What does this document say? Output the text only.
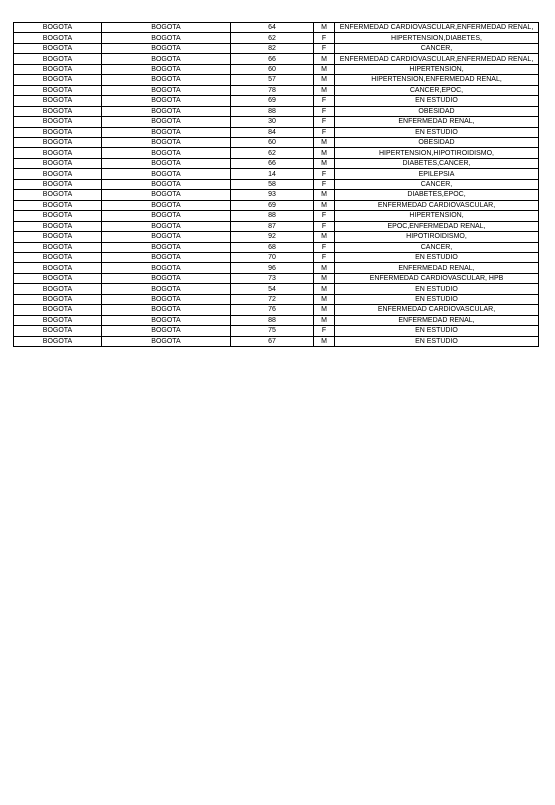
BOGOTA	BOGOTA	64	M	ENFERMEDAD CARDIOVASCULAR,ENFERMEDAD RENAL,
BOGOTA	BOGOTA	62	F	HIPERTENSION,DIABETES,
BOGOTA	BOGOTA	82	F	CANCER,
BOGOTA	BOGOTA	66	M	ENFERMEDAD CARDIOVASCULAR,ENFERMEDAD RENAL,
BOGOTA	BOGOTA	60	M	HIPERTENSION,
BOGOTA	BOGOTA	57	M	HIPERTENSION,ENFERMEDAD RENAL,
BOGOTA	BOGOTA	78	M	CANCER,EPOC,
BOGOTA	BOGOTA	69	F	EN ESTUDIO
BOGOTA	BOGOTA	88	F	OBESIDAD
BOGOTA	BOGOTA	30	F	ENFERMEDAD RENAL,
BOGOTA	BOGOTA	84	F	EN ESTUDIO
BOGOTA	BOGOTA	60	M	OBESIDAD
BOGOTA	BOGOTA	62	M	HIPERTENSION,HIPOTIROIDISMO,
BOGOTA	BOGOTA	66	M	DIABETES,CANCER,
BOGOTA	BOGOTA	14	F	EPILEPSIA
BOGOTA	BOGOTA	58	F	CANCER,
BOGOTA	BOGOTA	93	M	DIABETES,EPOC,
BOGOTA	BOGOTA	69	M	ENFERMEDAD CARDIOVASCULAR,
BOGOTA	BOGOTA	88	F	HIPERTENSION,
BOGOTA	BOGOTA	87	F	EPOC,ENFERMEDAD RENAL,
BOGOTA	BOGOTA	92	M	HIPOTIROIDISMO,
BOGOTA	BOGOTA	68	F	CANCER,
BOGOTA	BOGOTA	70	F	EN ESTUDIO
BOGOTA	BOGOTA	96	M	ENFERMEDAD RENAL,
BOGOTA	BOGOTA	73	M	ENFERMEDAD CARDIOVASCULAR, HPB
BOGOTA	BOGOTA	54	M	EN ESTUDIO
BOGOTA	BOGOTA	72	M	EN ESTUDIO
BOGOTA	BOGOTA	76	M	ENFERMEDAD CARDIOVASCULAR,
BOGOTA	BOGOTA	88	M	ENFERMEDAD RENAL,
BOGOTA	BOGOTA	75	F	EN ESTUDIO
BOGOTA	BOGOTA	67	M	EN ESTUDIO
